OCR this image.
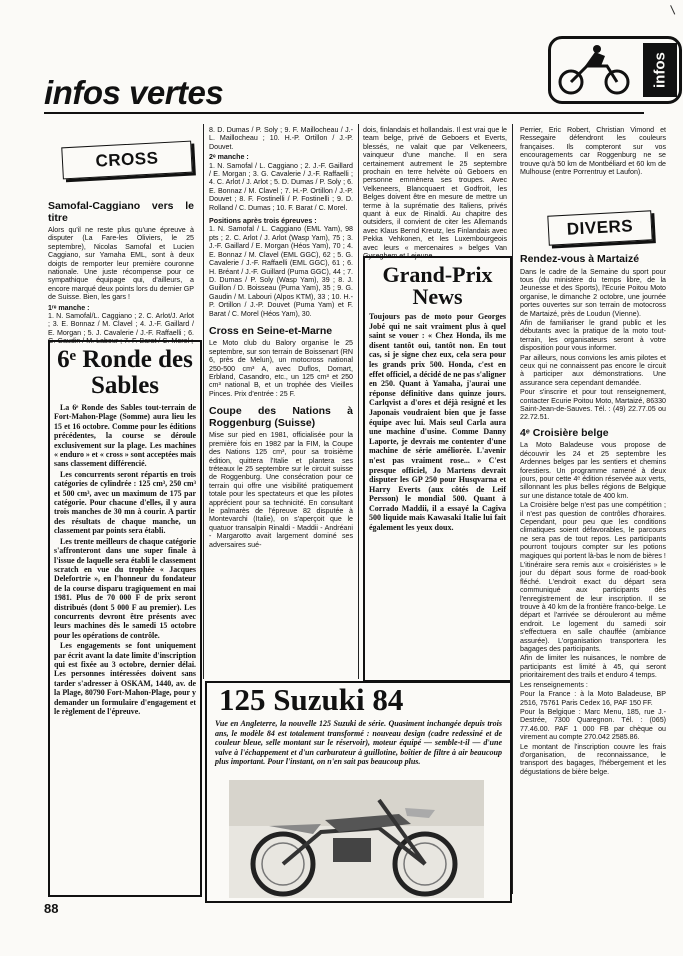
infos vertes
infos
CROSS
Samofal-Caggiano vers le titre

Alors qu'il ne reste plus qu'une épreuve à disputer (La Fare-les Oliviers, le 25 septembre), Nicolas Samofal et Lucien Caggiano, sur Yamaha EML, sont à deux doigts de remporter leur première couronne nationale. Une juste récompense pour ce sympathique équipage qui, d'ailleurs, a encore marqué deux points lors du dernier GP de Suisse. Bien, les gars !

1ʳᵉ manche :

1. N. Samofal/L. Caggiano ; 2. C. Arlot/J. Arlot ; 3. E. Bonnaz / M. Clavel ; 4. J.-F. Gaillard / E. Morgan ; 5. J. Cavalerie / J.-F. Raffaelli ; 6. G. Gaudin / M. Labour ; 7. F. Barat / C. Morel ;

6ᵉ Ronde des Sables

La 6ᵉ Ronde des Sables tout-terrain de Fort-Mahon-Plage (Somme) aura lieu les 15 et 16 octobre. Comme pour les éditions précédentes, la course se déroule exclusivement sur la plage. Les machines « enduro » et « cross » sont acceptées mais sans classement différencié.

Les concurrents seront répartis en trois catégories de cylindrée : 125 cm³, 250 cm³ et 500 cm³, avec un maximum de 175 par catégorie. Pour chacune d'elles, il y aura trois manches de 30 mn à courir. A partir des résultats de chaque manche, un classement par points sera établi.

Les trente meilleurs de chaque catégorie s'affronteront dans une super finale à l'issue de laquelle sera établi le classement scratch en vue du trophée « Jacques Delefortrie », en l'honneur du fondateur de la course disparu tragiquement en mai 1981. Plus de 70 000 F de prix seront distribués (dont 5 000 F au premier). Les concurrents devront être présents avec leurs machines dès le samedi 15 octobre pour les opérations de contrôle.

Les engagements se font uniquement par écrit avant la date limite d'inscription qui est fixée au 3 octobre, dernier délai. Les personnes intéressées doivent sans tarder s'adresser à OSKAM, 1440, av. de la Plage, 80790 Fort-Mahon-Plage, pour y demander un formulaire d'engagement et le règlement de l'épreuve.

88

8. D. Dumas / P. Soly ; 9. F. Maillocheau / J.-L. Maillocheau ; 10. H.-P. Ortillon / J.-P. Douvet.

2ᵉ manche :

1. N. Samofal / L. Caggiano ; 2. J.-F. Gaillard / E. Morgan ; 3. G. Cavalerie / J.-F. Raffaelli ; 4. C. Arlot / J. Arlot ; 5. D. Dumas / P. Soly ; 6. E. Bonnaz / M. Clavel ; 7. H.-P. Ortillon / J.-P. Douvet ; 8. F. Fostinelli / P. Fostinelli ; 9. D. Rolland / C. Dumas ; 10. F. Barat / C. Morel.

Positions après trois épreuves :

1. N. Samofal / L. Caggiano (EML Yam), 98 pts ; 2. C. Arlot / J. Arlot (Wasp Yam), 75 ; 3. J.-F. Gaillard / E. Morgan (Héos Yam), 70 ; 4. E. Bonnaz / M. Clavel (EML GGC), 62 ; 5. G. Cavalerie / J.-F. Raffaelli (EML GGC), 61 ; 6. H. Bréant / J.-F. Guillard (Puma GGC), 44 ; 7. D. Dumas / P. Soly (Wasp Yam), 39 ; 8. J. Guillon / D. Boisseau (Puma Yam), 35 ; 9. G. Gaudin / M. Labouri (Alpos KTM), 33 ; 10. H.-P. Ortillon / J.-P. Douvet (Puma Yam) et F. Barat / C. Morel (Héos Yam), 30.

Cross en Seine-et-Marne

Le Moto club du Balory organise le 25 septembre, sur son terrain de Boissenart (RN 6, près de Melun), un motocross national 250-500 cm³ A, avec Duflos, Domart, Erbland, Casandro, etc., un 125 cm³ et 250 cm³ national B, et un trophée des Vieilles Pinces. Prix d'entrée : 25 F.

Coupe des Nations à Roggenburg (Suisse)

Mise sur pied en 1981, officialisée pour la première fois en 1982 par la FIM, la Coupe des Nations 125 cm³, pour sa troisième édition, quittera l'Italie et plantera ses tréteaux le 25 septembre sur le circuit suisse de Roggenburg. Une consécration pour ce terrain qui offre une visibilité pratiquement totale pour les spectateurs et que les pilotes apprécient pour sa technicité. En consultant le palmarès de l'épreuve 82 disputée à Montevarchi (Italie), on s'aperçoit que le quatuor transalpin Rinaldi - Maddii - Andréani - Margarotto avait largement dominé ses adversaires sué-

dois, finlandais et hollandais. Il est vrai que le team belge, privé de Geboers et Everts, blessés, ne valait que par Velkeneers, vainqueur d'une manche. Il en sera certainement autrement le 25 septembre prochain en terre helvète où Geboers en personne emmènera ses troupes. Avec Velkeneers, Blancquaert et Godfroit, les Belges doivent être en mesure de mettre un terme à la suprématie des Italiens, privés quant à eux de Rinaldi. Au chapitre des outsiders, il convient de citer les Allemands avec Klaus Bernd Kreutz, les Finlandais avec Pekka Vehkonen, et les Luxembourgeois avec leurs « mercenaires » belges Van Gyseghem et Lejeune.

Grand-Prix News

Toujours pas de moto pour Georges Jobé qui ne sait vraiment plus à quel saint se vouer : « Chez Honda, ils me disent tantôt oui, tantôt non. En tout cas, si je signe chez eux, cela sera pour les grands prix 500. Honda, c'est en effet officiel, a décidé de ne pas s'aligner en 250. Quant à Yamaha, j'aurai une réponse définitive dans quinze jours. Carlqvist a d'ores et déjà resigné et les Japonais voudraient bien que je fasse équipe avec lui. Mais seul Carla aura une machine d'usine. Comme Danny Laporte, je devrais me contenter d'une machine de série améliorée. L'avenir n'est pas vraiment rose... » C'est presque officiel, Jo Martens devrait disputer les GP 250 pour Husqvarna et Harry Everts (aux côtés de Leif Persson) le mondial 500. Quant à Corrado Maddii, il a essayé la Cagiva 500 liquide mais Kawasaki Italie lui fait également les yeux doux.

Perrier, Eric Robert, Christian Vimond et Ressegaire défendront les couleurs françaises. Ils compteront sur vos encouragements car Roggenburg ne se trouve qu'à 50 km de Montbéliard et 60 km de Mulhouse (entre Porrentruy et Laufon).

DIVERS
Rendez-vous à Martaizé

Dans le cadre de la Semaine du sport pour tous (du ministère du temps libre, de la Jeunesse et des Sports), l'Ecurie Poitou Moto organise, le dimanche 2 octobre, une journée portes ouvertes sur son terrain de motocross de Martaizé, près de Loudun (Vienne).

Afin de familiariser le grand public et les débutants avec la pratique de la moto tout-terrain, les organisateurs seront à votre disposition pour vous informer.

Par ailleurs, nous convions les amis pilotes et ceux qui ne connaissent pas encore le circuit à participer aux démonstrations. Une assurance sera cependant demandée.

Pour s'inscrire et pour tout renseignement, contacter Ecurie Poitou Moto, Martaizé, 86330 Saint-Jean-de-Sauves. Tél. : (49) 22.77.05 ou 22.72.51.

4ᵉ Croisière belge

La Moto Baladeuse vous propose de découvrir les 24 et 25 septembre les Ardennes belges par les sentiers et chemins forestiers. Un programme ramené à deux jours, pour cette 4ᵉ édition réservée aux verts, sillonnant les plus belles régions de Belgique sur une distance totale de 400 km.

La Croisière belge n'est pas une compétition ; il n'est pas question de contrôles d'horaires. Cependant, pour peu que les conditions climatiques soient défavorables, le parcours ne sera pas de tout repos. Les participants pourront toujours compter sur les potions magiques qui portent là-bas le nom de bières !

L'itinéraire sera remis aux « croisiéristes » le jour du départ sous forme de road-book fléché. L'endroit exact du départ sera communiqué aux participants dès l'enregistrement de leur inscription. Il se trouve à 40 km de la frontière franco-belge. Le départ et l'arrivée se dérouleront au même endroit. Le logement du samedi soir s'effectuera en salle chauffée (ambiance assurée). L'organisation transportera les bagages des participants.

Afin de limiter les nuisances, le nombre de participants est limité à 45, qui seront prioritairement des trails et enduro 4 temps.

Les renseignements :

Pour la France : à la Moto Baladeuse, BP 2516, 75761 Paris Cedex 16, PAF 150 FF.

Pour la Belgique : Marc Menu, 185, rue J.-Destrée, 7300 Quaregnon. Tél. : (065) 77.46.00. PAF 1 000 FB par chèque ou virement au compte 270.042 2585.86.

Le montant de l'inscription couvre les frais d'organisation, de reconnaissance, le transport des bagages, l'hébergement et les dégustations de bière belge.

125 Suzuki 84
Vue en Angleterre, la nouvelle 125 Suzuki de série. Quasiment inchangée depuis trois ans, le modèle 84 est totalement transformé : nouveau design (cadre redessiné et de couleur bleue, selle montant sur le réservoir), moteur équipé — semble-t-il — d'une valve à l'échappement et d'un carburateur à guillotine, boîtier de filtre à air beaucoup plus important. Pour l'instant, on n'en sait pas beaucoup plus.
